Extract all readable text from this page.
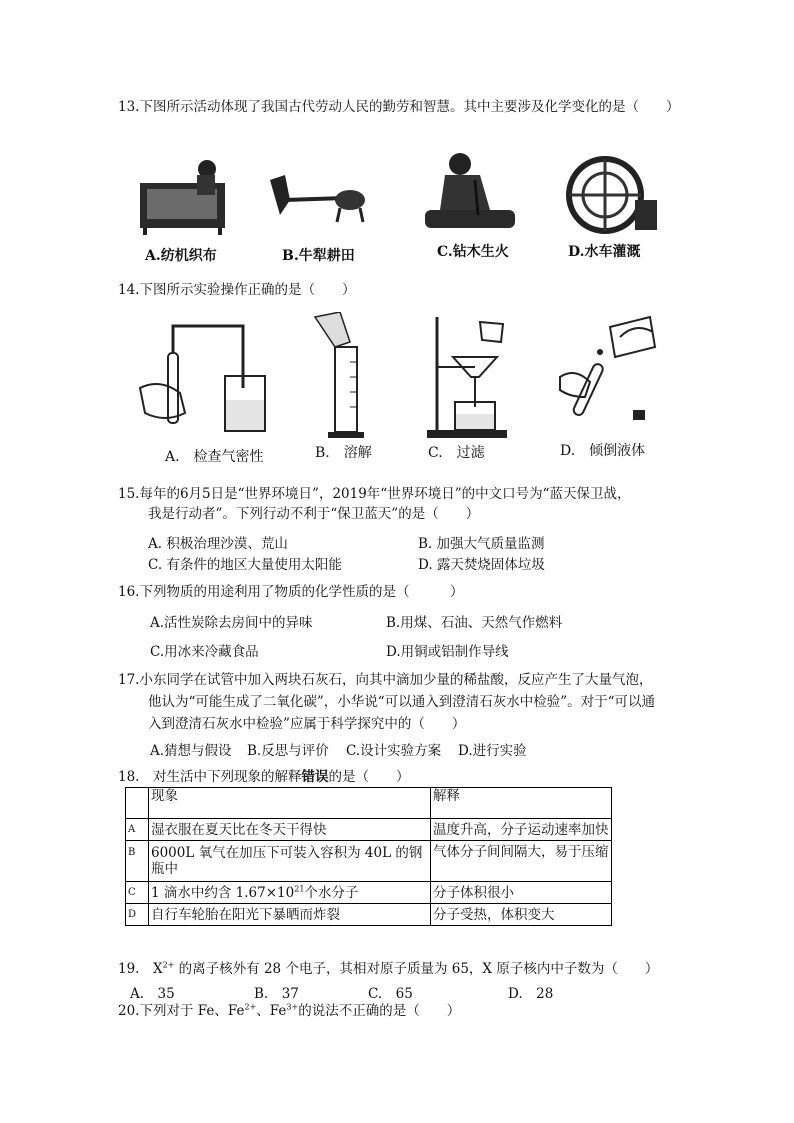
13.下图所示活动体现了我国古代劳动人民的勤劳和智慧。其中主要涉及化学变化的是（　　）
A.纺机织布	B.牛犁耕田	C.钻木生火	D.水车灌溉
14.下图所示实验操作正确的是（　　）
A.　检查气密性	B.　溶解	C.　过滤	D.　倾倒液体
15.每年的6月5日是“世界环境日”，2019年“世界环境日”的中文口号为“蓝天保卫战，
我是行动者”。下列行动不利于“保卫蓝天”的是（　　）
A. 积极治理沙漠、荒山	B. 加强大气质量监测
C. 有条件的地区大量使用太阳能	D. 露天焚烧固体垃圾
16.下列物质的用途利用了物质的化学性质的是（　　　）
A.活性炭除去房间中的异味	B.用煤、石油、天然气作燃料
C.用冰来冷藏食品	D.用铜或铝制作导线
17.小东同学在试管中加入两块石灰石，向其中滴加少量的稀盐酸，反应产生了大量气泡，
他认为“可能生成了二氧化碳”，小华说“可以通入到澄清石灰水中检验”。对于“可以通
入到澄清石灰水中检验”应属于科学探究中的（　　）
A.猜想与假设 B.反思与评价 C.设计实验方案 D.进行实验
18.　对生活中下列现象的解释错误的是（　　）
	现象	解释
A	湿衣服在夏天比在冬天干得快	温度升高，分子运动速率加快
B	6000L 氧气在加压下可装入容积为 40L 的钢瓶中	气体分子间间隔大，易于压缩
C	1 滴水中约含 $1.67\times 10^{21}$个水分子	分子体积很小
D	自行车轮胎在阳光下暴晒而炸裂	分子受热，体积变大
19.　$X^{2+}$ 的离子核外有 28 个电子，其相对原子质量为 65，X 原子核内中子数为（　　）
A.　35	B.　37	C.　65	D.　28
20.下列对于 Fe、$Fe^{2+}$、$Fe^{3+}$的说法不正确的是（　　）
